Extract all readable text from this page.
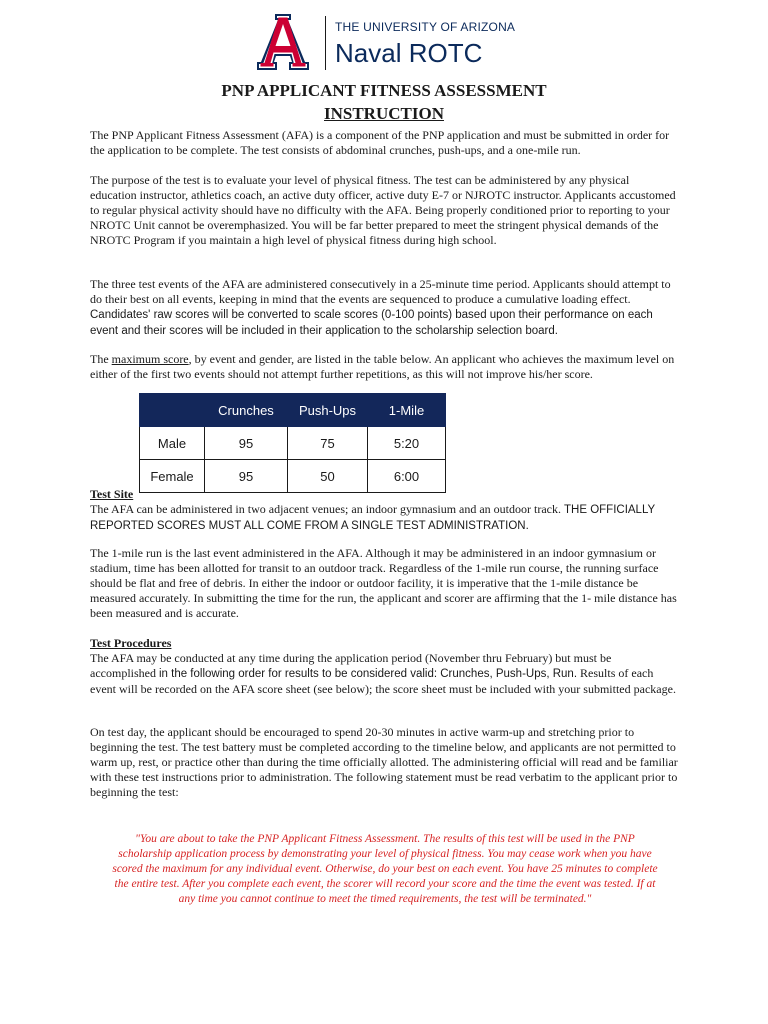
THE UNIVERSITY OF ARIZONA
Naval ROTC
PNP APPLICANT FITNESS ASSESSMENT
INSTRUCTION
The PNP Applicant Fitness Assessment (AFA) is a component of the PNP application and must be submitted in order for the application to be complete. The test consists of abdominal crunches, push-ups, and a one-mile run.
The purpose of the test is to evaluate your level of physical fitness. The test can be administered by any physical education instructor, athletics coach, an active duty officer, active duty E-7 or NJROTC instructor. Applicants accustomed to regular physical activity should have no difficulty with the AFA. Being properly conditioned prior to reporting to your NROTC Unit cannot be overemphasized. You will be far better prepared to meet the stringent physical demands of the NROTC Program if you maintain a high level of physical fitness during high school.
The three test events of the AFA are administered consecutively in a 25-minute time period. Applicants should attempt to do their best on all events, keeping in mind that the events are sequenced to produce a cumulative loading effect. Candidates' raw scores will be converted to scale scores (0-100 points) based upon their performance on each event and their scores will be included in their application to the scholarship selection board.
The maximum score, by event and gender, are listed in the table below. An applicant who achieves the maximum level on either of the first two events should not attempt further repetitions, as this will not improve his/her score.
Test Site
The AFA can be administered in two adjacent venues; an indoor gymnasium and an outdoor track. THE OFFICIALLY REPORTED SCORES MUST ALL COME FROM A SINGLE TEST ADMINISTRATION.
The 1-mile run is the last event administered in the AFA. Although it may be administered in an indoor gymnasium or stadium, time has been allotted for transit to an outdoor track. Regardless of the 1-mile run course, the running surface should be flat and free of debris. In either the indoor or outdoor facility, it is imperative that the 1-mile distance be measured accurately. In submitting the time for the run, the applicant and scorer are affirming that the 1- mile distance has been measured and is accurate.
Test Procedures
The AFA may be conducted at any time during the application period (November thru February) but must be accomplished in the following order for results to be considered valid: Crunches, Push-Ups, Run. Results of each event will be recorded on the AFA score sheet (see below); the score sheet must be included with your submitted package.
On test day, the applicant should be encouraged to spend 20-30 minutes in active warm-up and stretching prior to beginning the test. The test battery must be completed according to the timeline below, and applicants are not permitted to warm up, rest, or practice other than during the time officially allotted. The administering official will read and be familiar with these test instructions prior to administration. The following statement must be read verbatim to the applicant prior to beginning the test:
"You are about to take the PNP Applicant Fitness Assessment. The results of this test will be used in the PNP scholarship application process by demonstrating your level of physical fitness. You may cease work when you have scored the maximum for any individual event. Otherwise, do your best on each event. You have 25 minutes to complete the entire test. After you complete each event, the scorer will record your score and the time the event was tested. If at any time you cannot continue to meet the timed requirements, the test will be terminated."
	Crunches	Push-Ups	1-Mile
Male	95	75	5:20
Female	95	50	6:00
